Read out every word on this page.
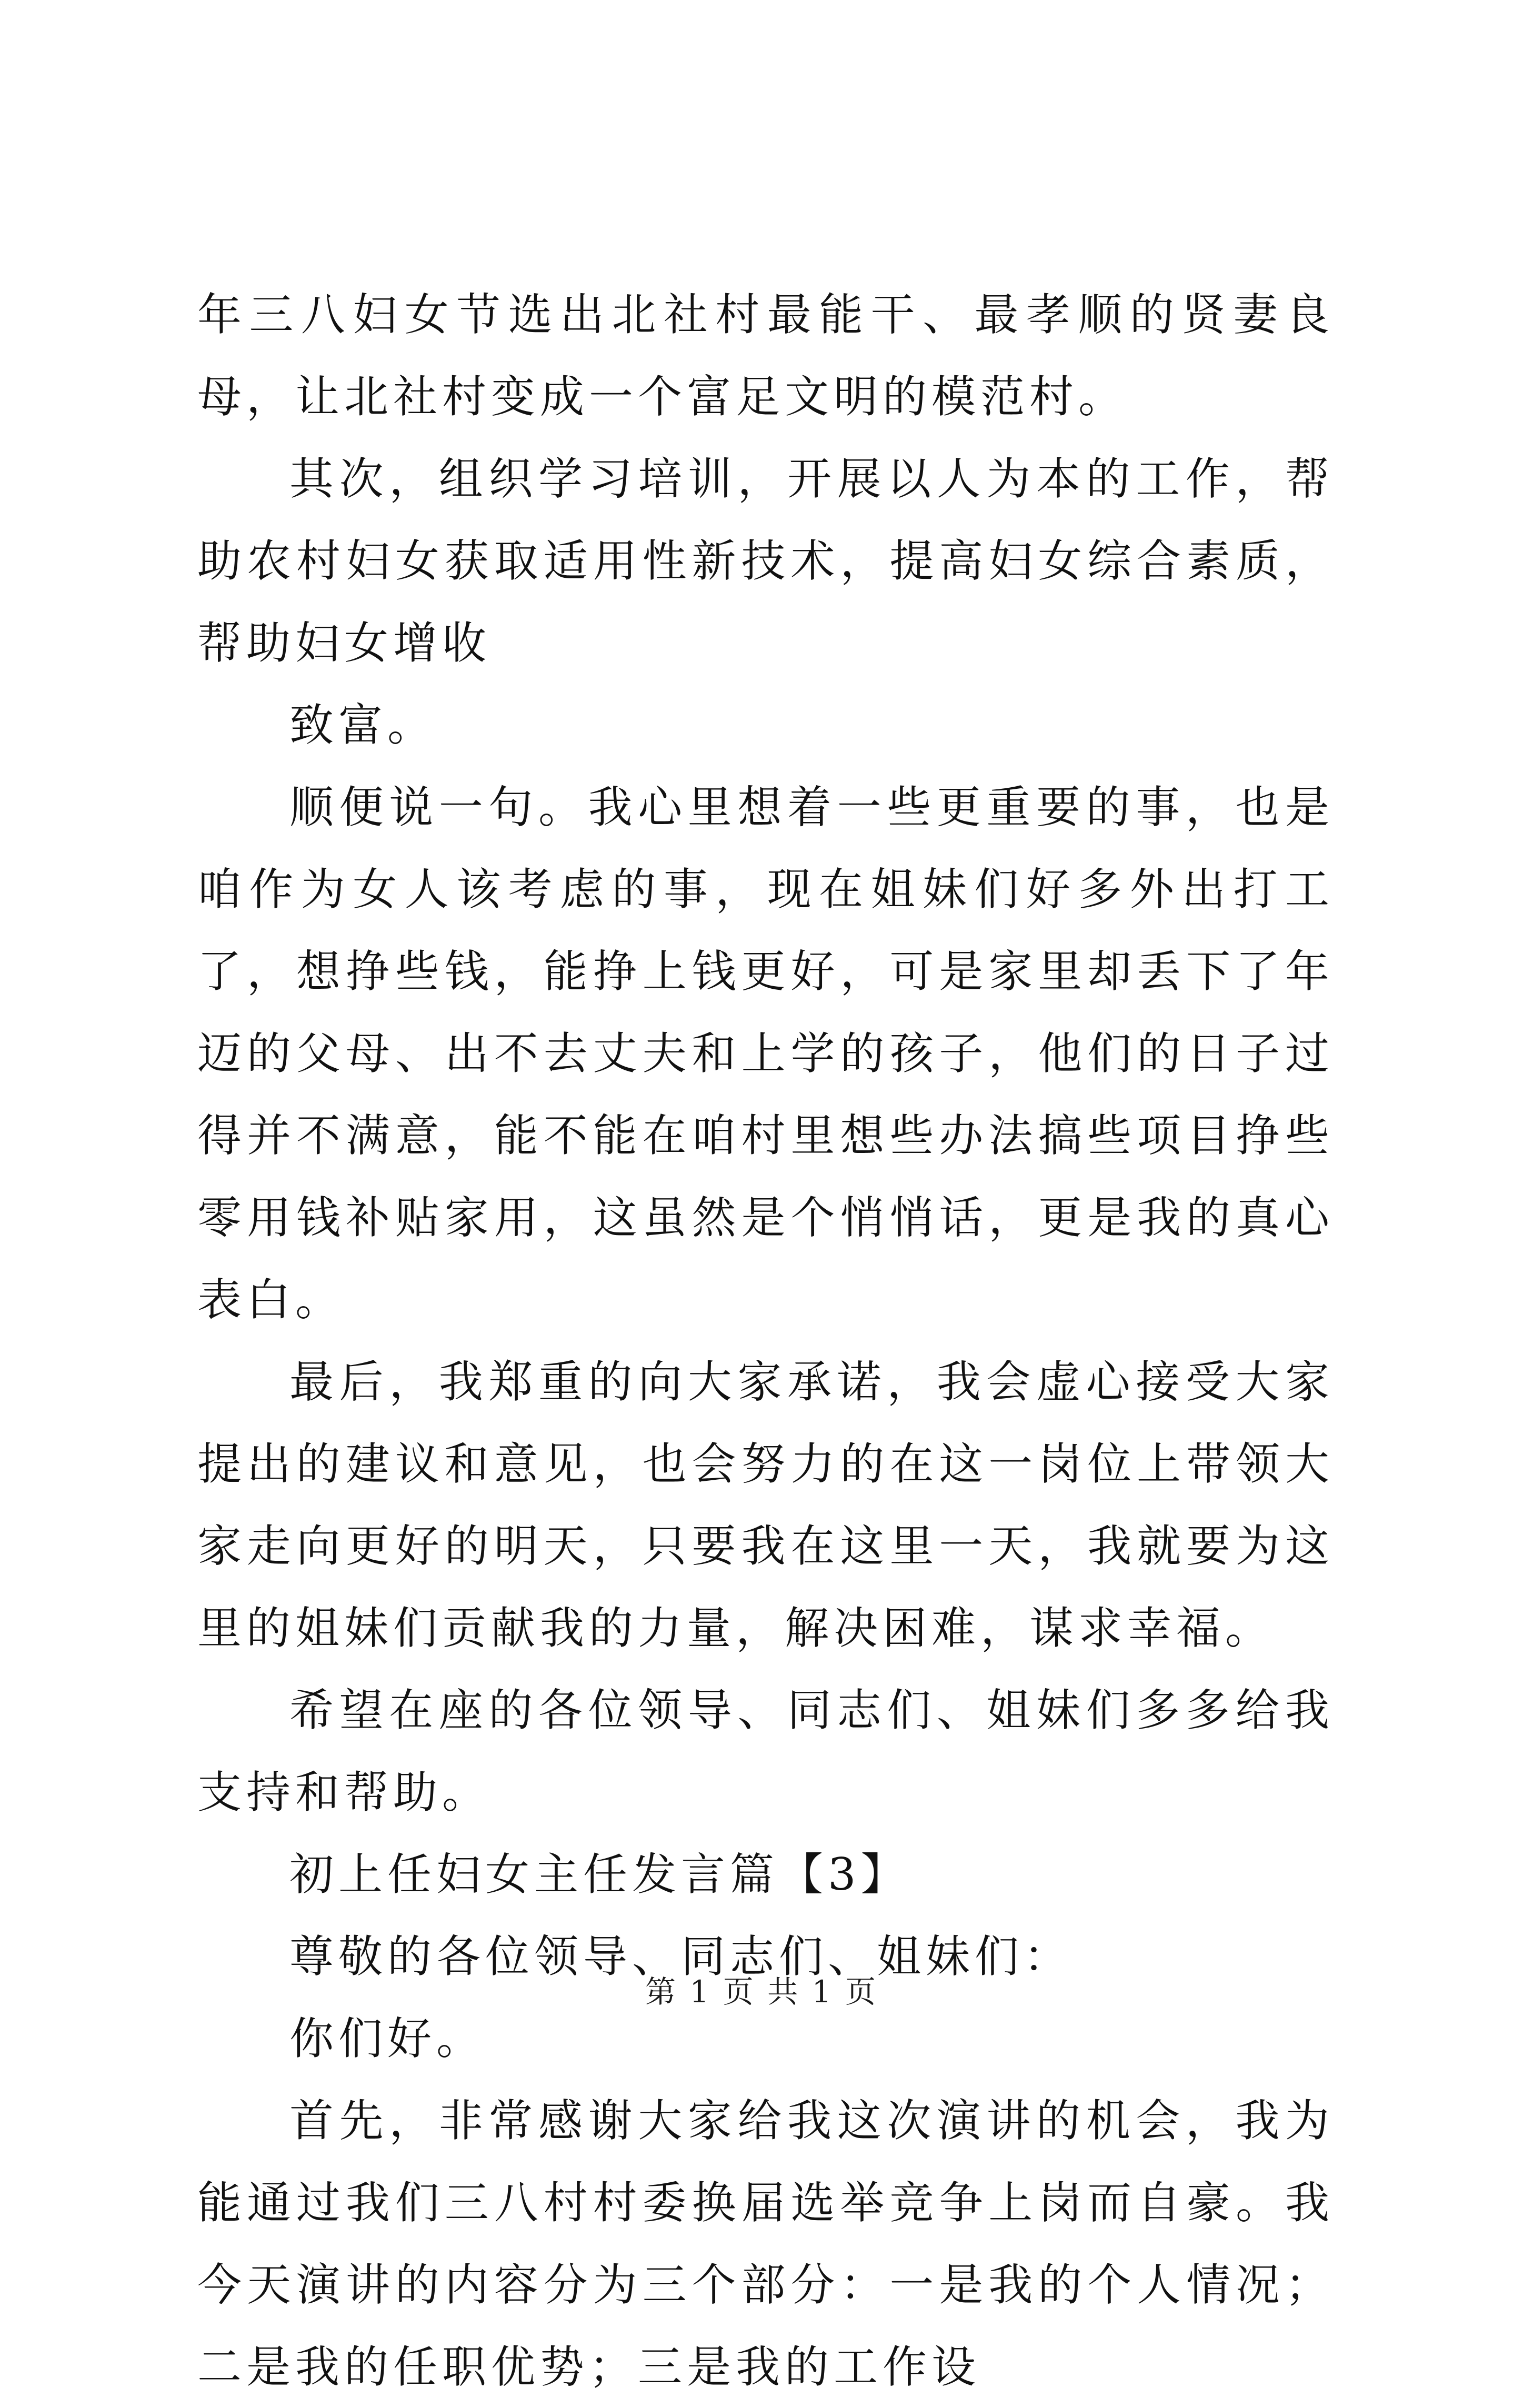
年三八妇女节选出北社村最能干、最孝顺的贤妻良母，让北社村变成一个富足文明的模范村。

其次，组织学习培训，开展以人为本的工作，帮助农村妇女获取适用性新技术，提高妇女综合素质，帮助妇女增收

致富。

顺便说一句。我心里想着一些更重要的事，也是咱作为女人该考虑的事，现在姐妹们好多外出打工了，想挣些钱，能挣上钱更好，可是家里却丢下了年迈的父母、出不去丈夫和上学的孩子，他们的日子过得并不满意，能不能在咱村里想些办法搞些项目挣些零用钱补贴家用，这虽然是个悄悄话，更是我的真心表白。

最后，我郑重的向大家承诺，我会虚心接受大家提出的建议和意见，也会努力的在这一岗位上带领大家走向更好的明天，只要我在这里一天，我就要为这里的姐妹们贡献我的力量，解决困难，谋求幸福。

希望在座的各位领导、同志们、姐妹们多多给我支持和帮助。

初上任妇女主任发言篇【3】

尊敬的各位领导、同志们、姐妹们：

你们好。

首先，非常感谢大家给我这次演讲的机会，我为能通过我们三八村村委换届选举竞争上岗而自豪。我今天演讲的内容分为三个部分：一是我的个人情况；二是我的任职优势；三是我的工作设

第 1 页 共 1 页
